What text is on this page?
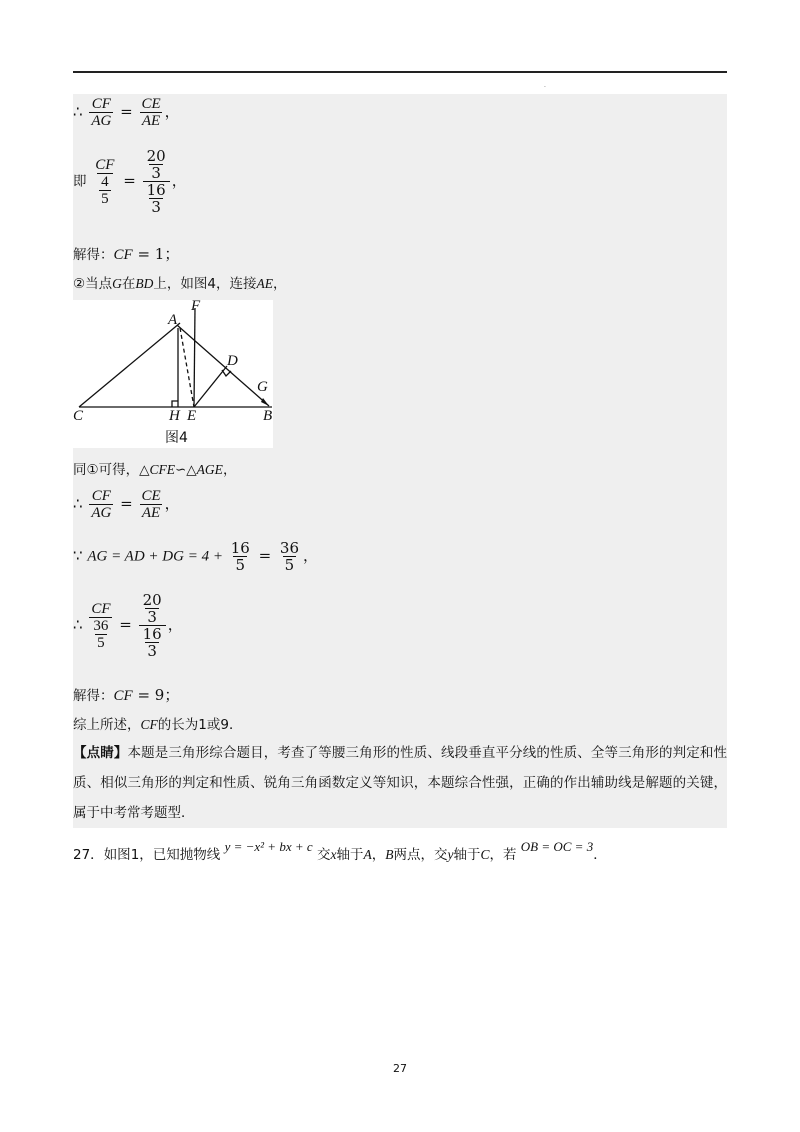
.
∴ $\frac{CF}{AG} = \frac{CE}{AE}$ ，
即 $\frac{CF}{\frac{4}{5}} = \frac{\frac{20}{3}}{\frac{16}{3}}$ ，
解得：CF = 1；
②当点G在BD上，如图4，连接AE，
F
A
D
G
C	H E	B
图4
同①可得，△CFE∽△AGE，
∴ $\frac{CF}{AG} = \frac{CE}{AE}$ ，
∵ AG = AD + DG = $4 + \frac{16}{5} = \frac{36}{5}$ ，
∴ $\frac{CF}{\frac{36}{5}} = \frac{\frac{20}{3}}{\frac{16}{3}}$ ，
解得：CF = 9；
综上所述，CF的长为1或9．
【点睛】本题是三角形综合题目，考查了等腰三角形的性质、线段垂直平分线的性质、全等三角形的判定和性质、相似三角形的判定和性质、锐角三角函数定义等知识，本题综合性强，正确的作出辅助线是解题的关键，属于中考常考题型．
27．如图1，已知抛物线 y = −x² + bx + c 交x轴于A，B两点，交y轴于C，若 OB = OC = 3．
27
